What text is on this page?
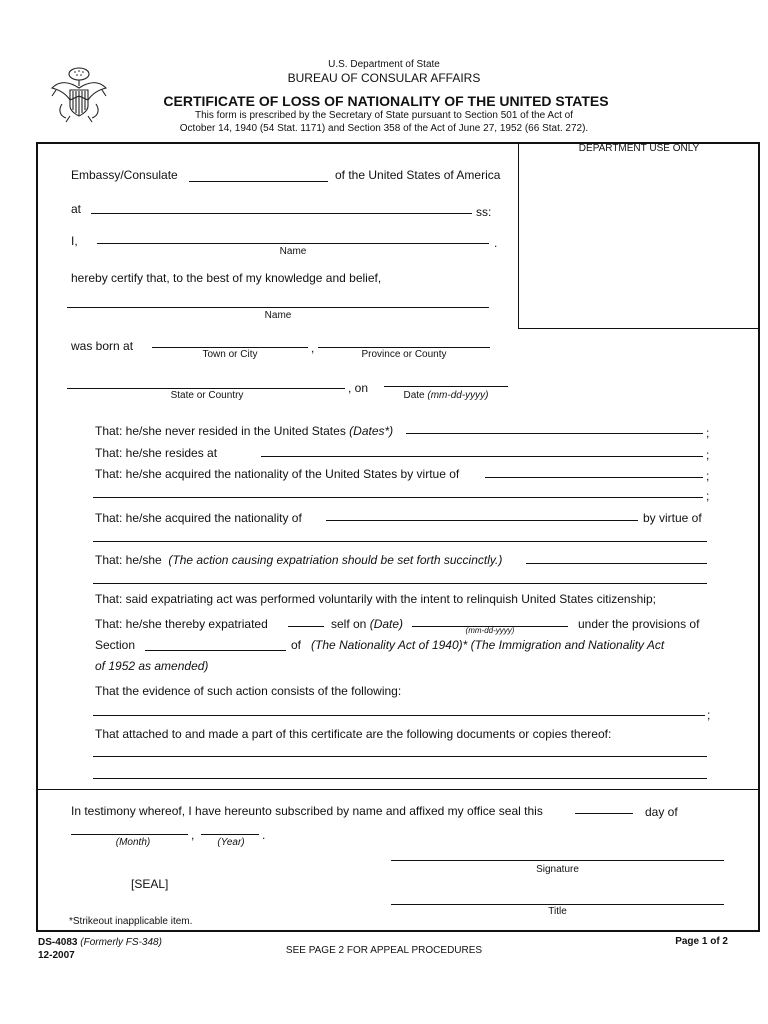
U.S. Department of State
BUREAU OF CONSULAR AFFAIRS
CERTIFICATE OF LOSS OF NATIONALITY OF THE UNITED STATES
This form is prescribed by the Secretary of State pursuant to Section 501 of the Act of
October 14, 1940 (54 Stat. 1171) and Section 358 of the Act of June 27, 1952 (66 Stat. 272).
DEPARTMENT USE ONLY
Embassy/Consulate	of the United States of America
at	ss:
I,	.
Name
hereby certify that, to the best of my knowledge and belief,
Name
was born at	,
Town or City	Province or County
, on
State or Country	Date (mm-dd-yyyy)
That: he/she never resided in the United States (Dates*)	;
That: he/she resides at	;
That: he/she acquired the nationality of the United States by virtue of	;
;
That: he/she acquired the nationality of	by virtue of
That: he/she (The action causing expatriation should be set forth succinctly.)
That: said expatriating act was performed voluntarily with the intent to relinquish United States citizenship;
That: he/she thereby expatriated	self on (Date)	(mm-dd-yyyy)	under the provisions of
Section	of (The Nationality Act of 1940)* (The Immigration and Nationality Act
of 1952 as amended)
That the evidence of such action consists of the following:
;
That attached to and made a part of this certificate are the following documents or copies thereof:
In testimony whereof, I have hereunto subscribed by name and affixed my office seal this	day of
,	.
(Month)	(Year)
Signature
[SEAL]
Title
*Strikeout inapplicable item.
DS-4083 (Formerly FS-348)
12-2007	SEE PAGE 2 FOR APPEAL PROCEDURES
Page 1 of 2
